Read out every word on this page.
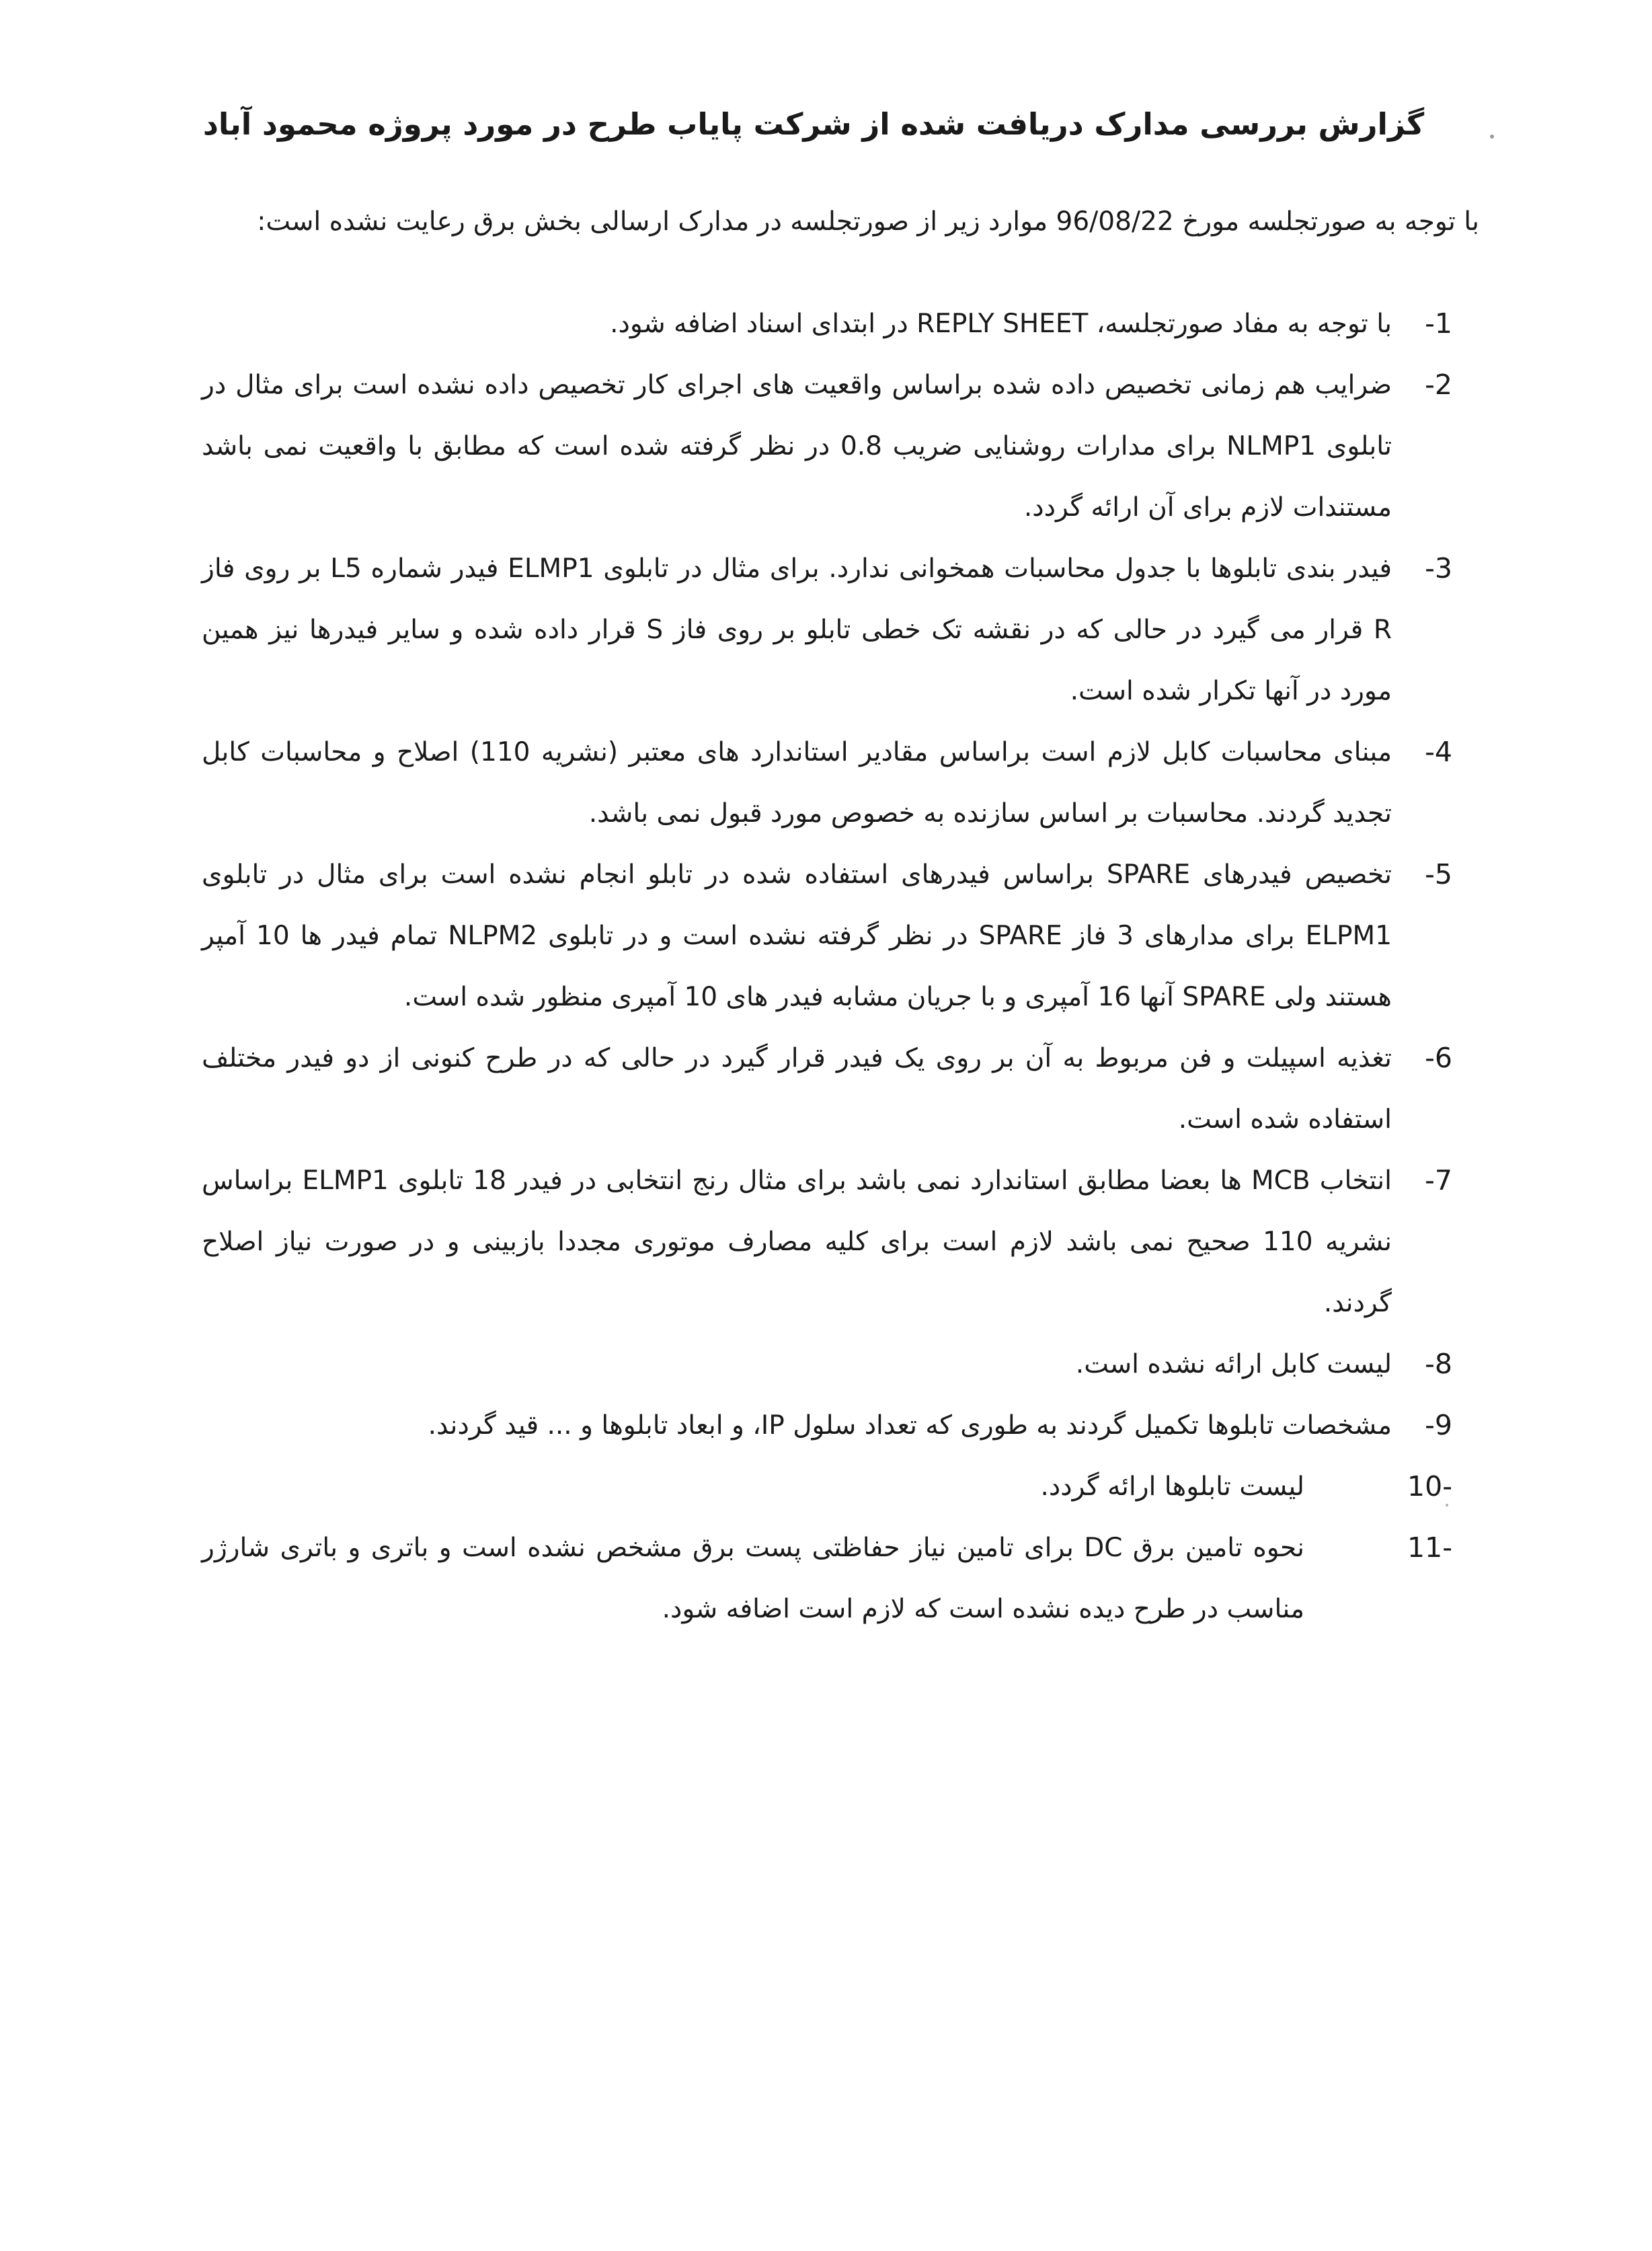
گزارش بررسی مدارک دریافت شده از شرکت پایاب طرح در مورد پروژه محمود آباد

با توجه به صورتجلسه مورخ 96/08/22 موارد زیر از صورتجلسه در مدارک ارسالی بخش برق رعایت نشده است:

1-
با توجه به مفاد صورتجلسه، REPLY SHEET در ابتدای اسناد اضافه شود.
2-
ضرایب هم زمانی تخصیص داده شده براساس واقعیت های اجرای کار تخصیص داده نشده است برای مثال در تابلوی NLMP1 برای مدارات روشنایی ضریب 0.8 در نظر گرفته شده است که مطابق با واقعیت نمی باشد مستندات لازم برای آن ارائه گردد.
3-
فیدر بندی تابلوها با جدول محاسبات همخوانی ندارد. برای مثال در تابلوی ELMP1 فیدر شماره L5 بر روی فاز R قرار می گیرد در حالی که در نقشه تک خطی تابلو بر روی فاز S قرار داده شده و سایر فیدرها نیز همین مورد در آنها تکرار شده است.
4-
مبنای محاسبات کابل لازم است براساس مقادیر استاندارد های معتبر (نشریه 110) اصلاح و محاسبات کابل تجدید گردند. محاسبات بر اساس سازنده به خصوص مورد قبول نمی باشد.
5-
تخصیص فیدرهای SPARE براساس فیدرهای استفاده شده در تابلو انجام نشده است برای مثال در تابلوی ELPM1 برای مدارهای 3 فاز SPARE در نظر گرفته نشده است و در تابلوی NLPM2 تمام فیدر ها 10 آمپر هستند ولی SPARE آنها 16 آمپری و با جریان مشابه فیدر های 10 آمپری منظور شده است.
6-
تغذیه اسپیلت و فن مربوط به آن بر روی یک فیدر قرار گیرد در حالی که در طرح کنونی از دو فیدر مختلف استفاده شده است.
7-
انتخاب MCB ها بعضا مطابق استاندارد نمی باشد برای مثال رنج انتخابی در فیدر 18 تابلوی ELMP1 براساس نشریه 110 صحیح نمی باشد لازم است برای کلیه مصارف موتوری مجددا بازبینی و در صورت نیاز اصلاح گردند.
8-
لیست کابل ارائه نشده است.
9-
مشخصات تابلوها تکمیل گردند به طوری که تعداد سلول IP، و ابعاد تابلوها و ... قید گردند.
-10
لیست تابلوها ارائه گردد.
-11
نحوه تامین برق DC برای تامین نیاز حفاظتی پست برق مشخص نشده است و باتری و باتری شارژر مناسب در طرح دیده نشده است که لازم است اضافه شود.
